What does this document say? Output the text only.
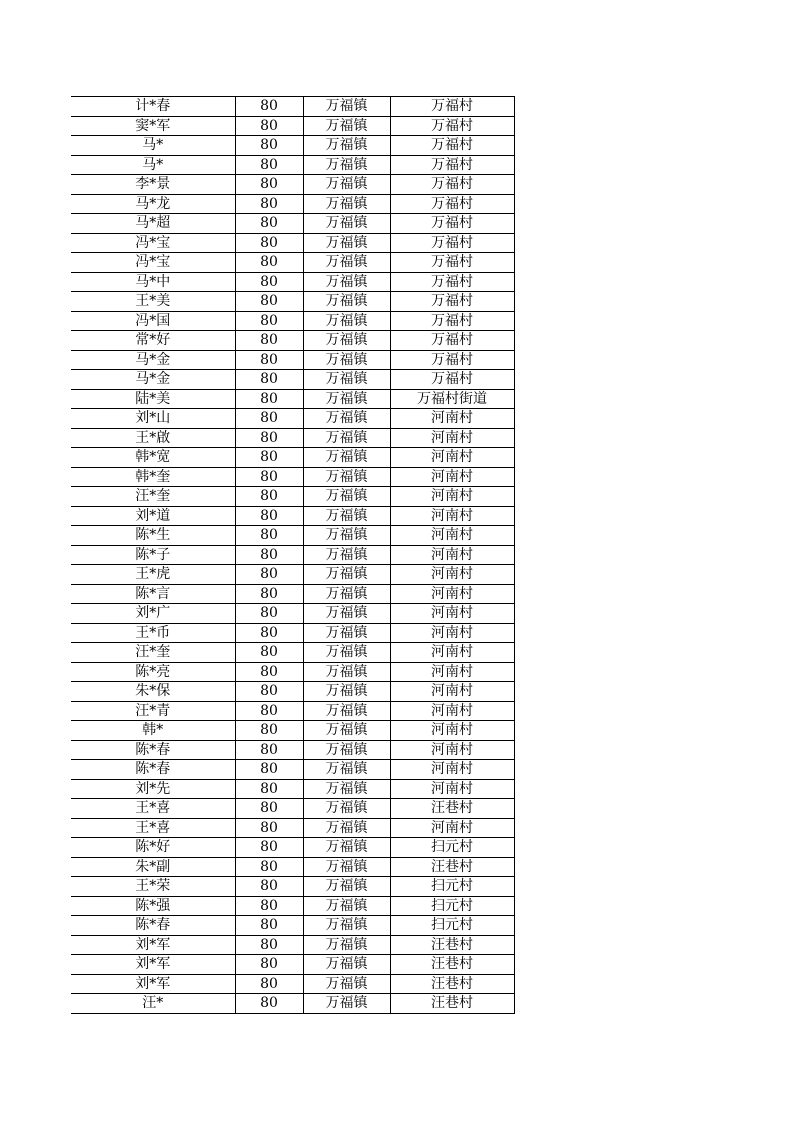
计*春	80	万福镇	万福村
窦*军	80	万福镇	万福村
马*	80	万福镇	万福村
马*	80	万福镇	万福村
李*景	80	万福镇	万福村
马*龙	80	万福镇	万福村
马*超	80	万福镇	万福村
冯*宝	80	万福镇	万福村
冯*宝	80	万福镇	万福村
马*中	80	万福镇	万福村
王*美	80	万福镇	万福村
冯*国	80	万福镇	万福村
常*好	80	万福镇	万福村
马*金	80	万福镇	万福村
马*金	80	万福镇	万福村
陆*美	80	万福镇	万福村街道
刘*山	80	万福镇	河南村
王*啟	80	万福镇	河南村
韩*宽	80	万福镇	河南村
韩*奎	80	万福镇	河南村
汪*奎	80	万福镇	河南村
刘*道	80	万福镇	河南村
陈*生	80	万福镇	河南村
陈*子	80	万福镇	河南村
王*虎	80	万福镇	河南村
陈*言	80	万福镇	河南村
刘*广	80	万福镇	河南村
王*币	80	万福镇	河南村
汪*奎	80	万福镇	河南村
陈*亮	80	万福镇	河南村
朱*保	80	万福镇	河南村
汪*青	80	万福镇	河南村
韩*	80	万福镇	河南村
陈*春	80	万福镇	河南村
陈*春	80	万福镇	河南村
刘*先	80	万福镇	河南村
王*喜	80	万福镇	汪巷村
王*喜	80	万福镇	河南村
陈*好	80	万福镇	扫元村
朱*副	80	万福镇	汪巷村
王*荣	80	万福镇	扫元村
陈*强	80	万福镇	扫元村
陈*春	80	万福镇	扫元村
刘*军	80	万福镇	汪巷村
刘*军	80	万福镇	汪巷村
刘*军	80	万福镇	汪巷村
汪*	80	万福镇	汪巷村
